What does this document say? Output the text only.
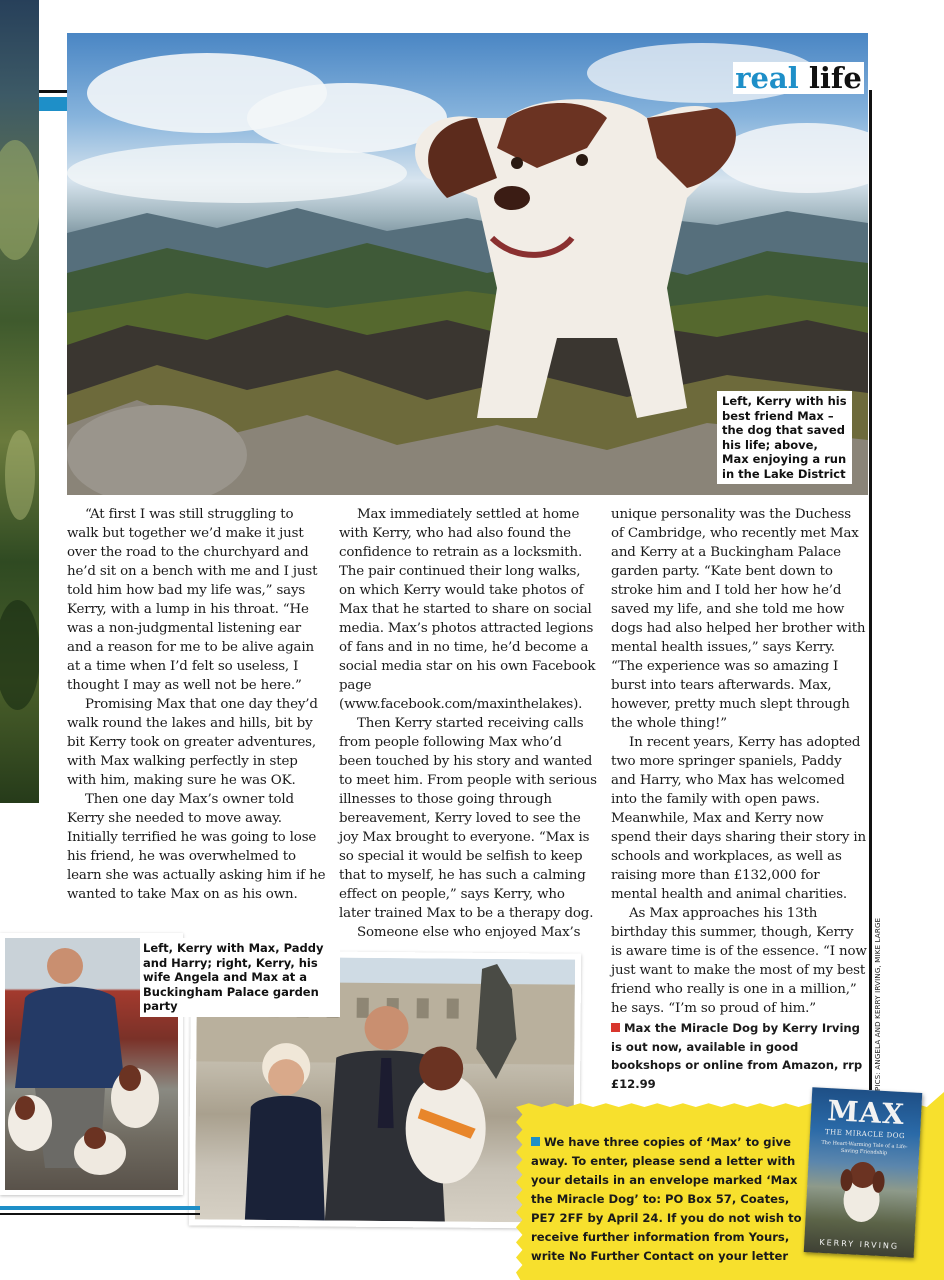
real life
Left, Kerry with his best friend Max – the dog that saved his life; above, Max enjoying a run in the Lake District

“At first I was still struggling to walk but together we’d make it just over the road to the churchyard and he’d sit on a bench with me and I just told him how bad my life was,” says Kerry, with a lump in his throat. “He was a non-judgmental listening ear and a reason for me to be alive again at a time when I’d felt so useless, I thought I may as well not be here.”

Promising Max that one day they’d walk round the lakes and hills, bit by bit Kerry took on greater adventures, with Max walking perfectly in step with him, making sure he was OK.

Then one day Max’s owner told Kerry she needed to move away. Initially terrified he was going to lose his friend, he was overwhelmed to learn she was actually asking him if he wanted to take Max on as his own.

Max immediately settled at home with Kerry, who had also found the confidence to retrain as a locksmith. The pair continued their long walks, on which Kerry would take photos of Max that he started to share on social media. Max’s photos attracted legions of fans and in no time, he’d become a social media star on his own Facebook page (www.facebook.com/maxinthelakes).

Then Kerry started receiving calls from people following Max who’d been touched by his story and wanted to meet him. From people with serious illnesses to those going through bereavement, Kerry loved to see the joy Max brought to everyone. “Max is so special it would be selfish to keep that to myself, he has such a calming effect on people,” says Kerry, who later trained Max to be a therapy dog.

Someone else who enjoyed Max’s

unique personality was the Duchess of Cambridge, who recently met Max and Kerry at a Buckingham Palace garden party. “Kate bent down to stroke him and I told her how he’d saved my life, and she told me how dogs had also helped her brother with mental health issues,” says Kerry. “The experience was so amazing I burst into tears afterwards. Max, however, pretty much slept through the whole thing!”

In recent years, Kerry has adopted two more springer spaniels, Paddy and Harry, who Max has welcomed into the family with open paws. Meanwhile, Max and Kerry now spend their days sharing their story in schools and workplaces, as well as raising more than £132,000 for mental health and animal charities.

As Max approaches his 13th birthday this summer, though, Kerry is aware time is of the essence. “I now just want to make the most of my best friend who really is one in a million,” he says. “I’m so proud of him.”	PICS: ANGELA AND KERRY IRVING, MIKE LARGE
Max the Miracle Dog by Kerry Irving is out now, available in good bookshops or online from Amazon, rrp £12.99
Left, Kerry with Max, Paddy and Harry; right, Kerry, his wife Angela and Max at a Buckingham Palace garden party
We have three copies of ‘Max’ to give away. To enter, please send a letter with your details in an envelope marked ‘Max the Miracle Dog’ to: PO Box 57, Coates, PE7 2FF by April 24. If you do not wish to receive further information from Yours, write No Further Contact on your letter
MAX
THE MIRACLE DOG
The Heart-Warming Tale of a Life-Saving Friendship
KERRY IRVING
